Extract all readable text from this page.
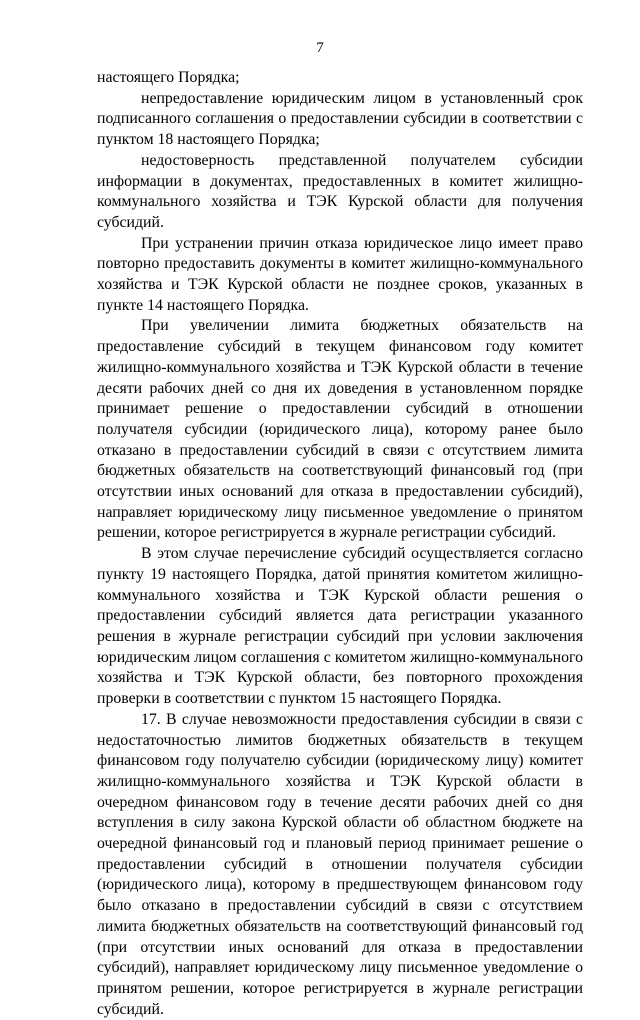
7

настоящего Порядка;

непредоставление юридическим лицом в установленный срок подписанного соглашения о предоставлении субсидии в соответствии с пунктом 18 настоящего Порядка;

недостоверность представленной получателем субсидии информации в документах, предоставленных в комитет жилищно-коммунального хозяйства и ТЭК Курской области для получения субсидий.

При устранении причин отказа юридическое лицо имеет право повторно предоставить документы в комитет жилищно-коммунального хозяйства и ТЭК Курской области не позднее сроков, указанных в пункте 14 настоящего Порядка.

При увеличении лимита бюджетных обязательств на предоставление субсидий в текущем финансовом году комитет жилищно-коммунального хозяйства и ТЭК Курской области в течение десяти рабочих дней со дня их доведения в установленном порядке принимает решение о предоставлении субсидий в отношении получателя субсидии (юридического лица), которому ранее было отказано в предоставлении субсидий в связи с отсутствием лимита бюджетных обязательств на соответствующий финансовый год (при отсутствии иных оснований для отказа в предоставлении субсидий), направляет юридическому лицу письменное уведомление о принятом решении, которое регистрируется в журнале регистрации субсидий.

В этом случае перечисление субсидий осуществляется согласно пункту 19 настоящего Порядка, датой принятия комитетом жилищно-коммунального хозяйства и ТЭК Курской области решения о предоставлении субсидий является дата регистрации указанного решения в журнале регистрации субсидий при условии заключения юридическим лицом соглашения с комитетом жилищно-коммунального хозяйства и ТЭК Курской области, без повторного прохождения проверки в соответствии с пунктом 15 настоящего Порядка.

17. В случае невозможности предоставления субсидии в связи с недостаточностью лимитов бюджетных обязательств в текущем финансовом году получателю субсидии (юридическому лицу) комитет жилищно-коммунального хозяйства и ТЭК Курской области в очередном финансовом году в течение десяти рабочих дней со дня вступления в силу закона Курской области об областном бюджете на очередной финансовый год и плановый период принимает решение о предоставлении субсидий в отношении получателя субсидии (юридического лица), которому в предшествующем финансовом году было отказано в предоставлении субсидий в связи с отсутствием лимита бюджетных обязательств на соответствующий финансовый год (при отсутствии иных оснований для отказа в предоставлении субсидий), направляет юридическому лицу письменное уведомление о принятом решении, которое регистрируется в журнале регистрации субсидий.
